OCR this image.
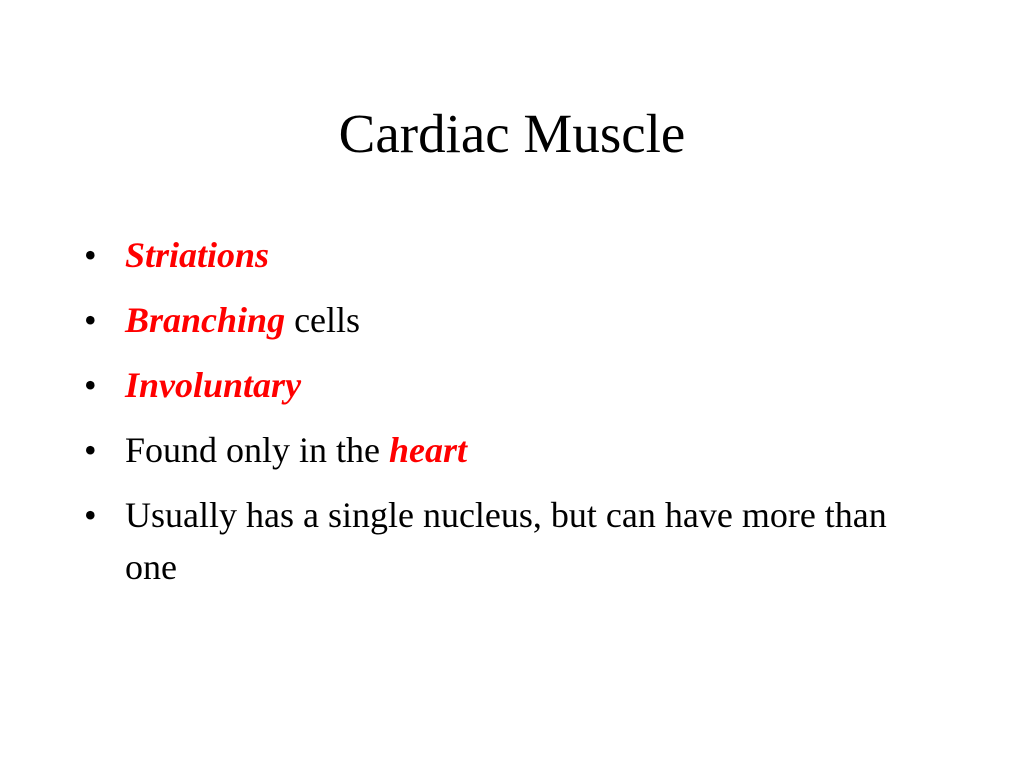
Cardiac Muscle
• Striations
• Branching cells
• Involuntary
• Found only in the heart
• Usually has a single nucleus, but can have more than one
